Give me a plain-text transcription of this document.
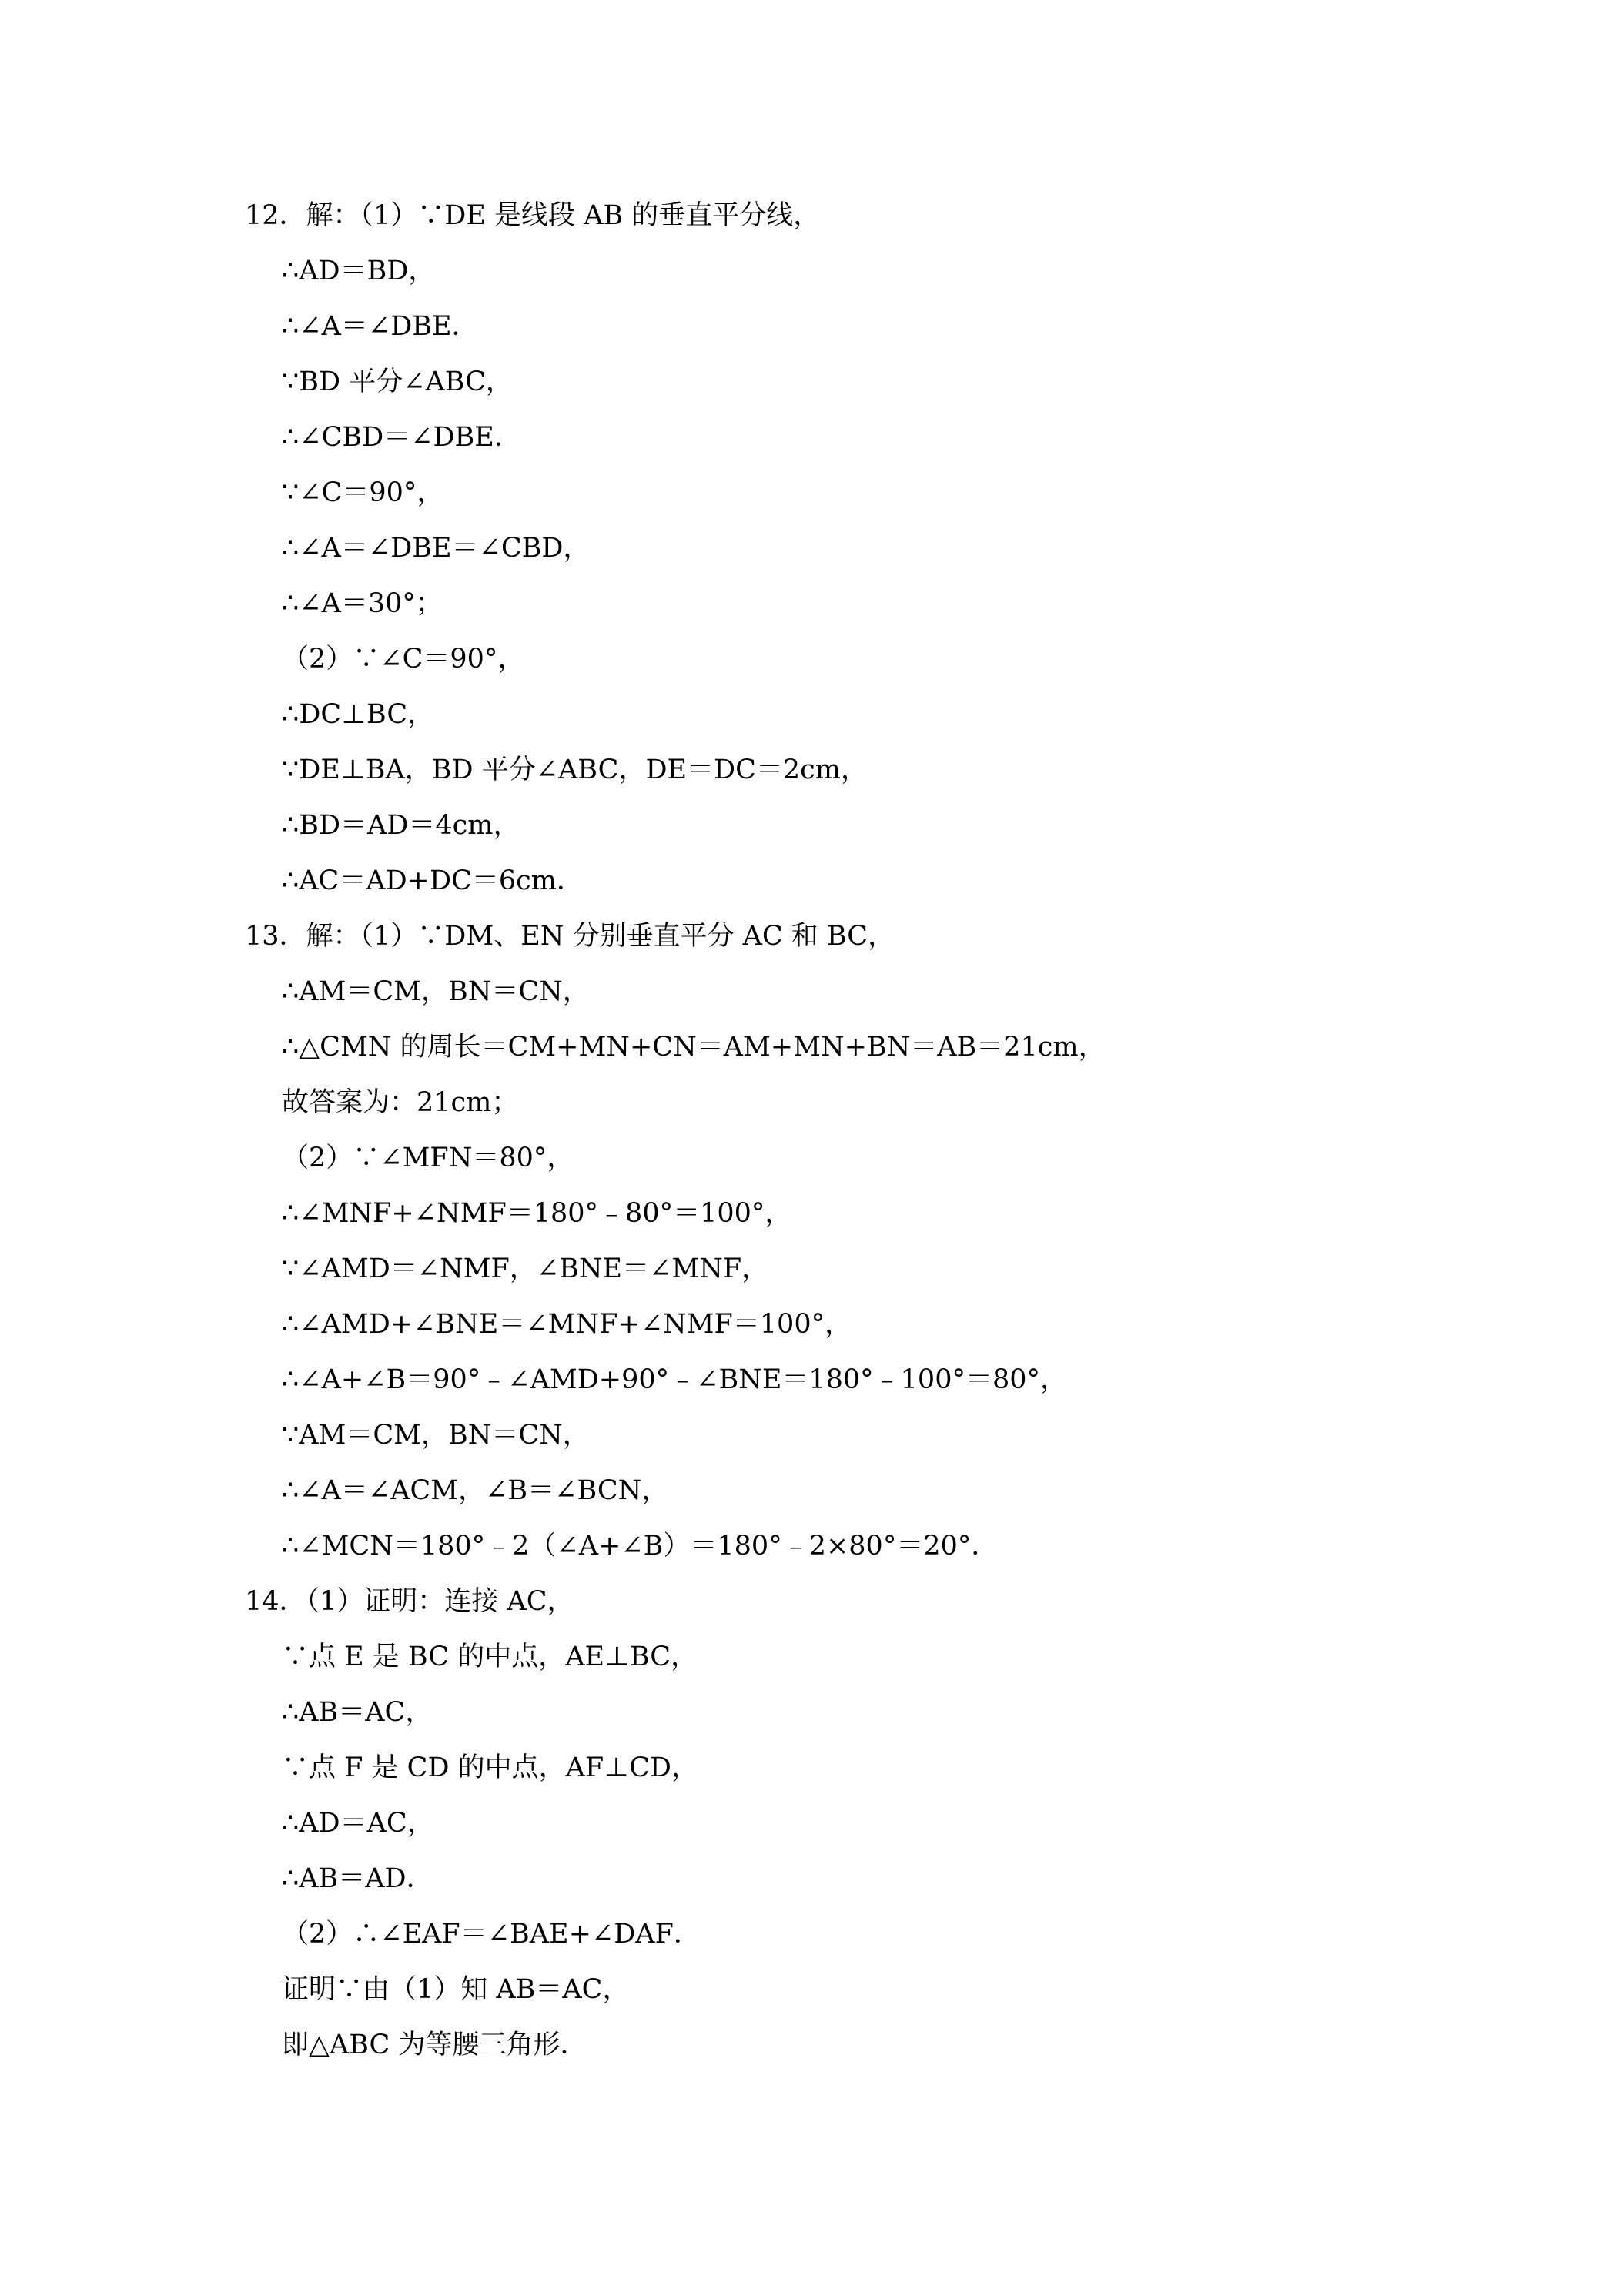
12．解：（1）∵DE 是线段 AB 的垂直平分线，
∴AD＝BD，
∴∠A＝∠DBE．
∵BD 平分∠ABC，
∴∠CBD＝∠DBE．
∵∠C＝90°，
∴∠A＝∠DBE＝∠CBD，
∴∠A＝30°；
（2）∵∠C＝90°，
∴DC⊥BC，
∵DE⊥BA，BD 平分∠ABC，DE＝DC＝2cm，
∴BD＝AD＝4cm，
∴AC＝AD+DC＝6cm．
13．解：（1）∵DM、EN 分别垂直平分 AC 和 BC，
∴AM＝CM，BN＝CN，
∴△CMN 的周长＝CM+MN+CN＝AM+MN+BN＝AB＝21cm，
故答案为：21cm；
（2）∵∠MFN＝80°，
∴∠MNF+∠NMF＝180°﹣80°＝100°，
∵∠AMD＝∠NMF，∠BNE＝∠MNF，
∴∠AMD+∠BNE＝∠MNF+∠NMF＝100°，
∴∠A+∠B＝90°﹣∠AMD+90°﹣∠BNE＝180°﹣100°＝80°，
∵AM＝CM，BN＝CN，
∴∠A＝∠ACM，∠B＝∠BCN，
∴∠MCN＝180°﹣2（∠A+∠B）＝180°﹣2×80°＝20°．
14．（1）证明：连接 AC，
∵点 E 是 BC 的中点，AE⊥BC，
∴AB＝AC，
∵点 F 是 CD 的中点，AF⊥CD，
∴AD＝AC，
∴AB＝AD．
（2）∴∠EAF＝∠BAE+∠DAF．
证明∵由（1）知 AB＝AC，
即△ABC 为等腰三角形．
